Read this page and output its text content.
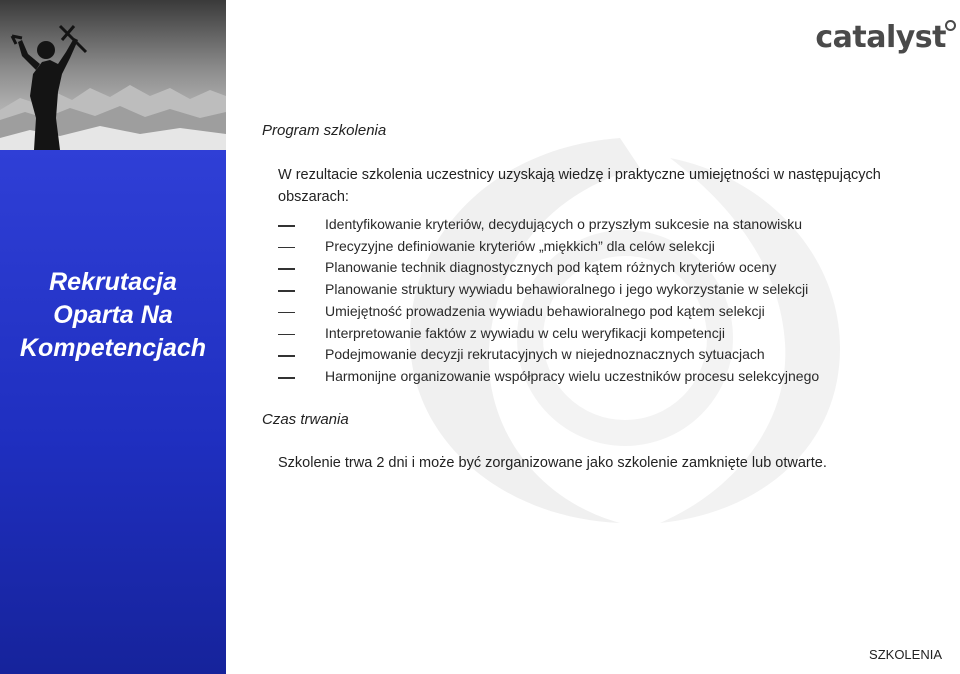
Rekrutacja
Oparta Na
Kompetencjach
catalyst
Program szkolenia
W rezultacie szkolenia uczestnicy uzyskają wiedzę i praktyczne umiejętności w następujących obszarach:
Identyfikowanie kryteriów, decydujących o przyszłym sukcesie na stanowisku
Precyzyjne definiowanie kryteriów „miękkich” dla celów selekcji
Planowanie technik diagnostycznych pod kątem różnych kryteriów oceny
Planowanie struktury wywiadu behawioralnego i jego wykorzystanie w selekcji
Umiejętność prowadzenia wywiadu behawioralnego pod kątem selekcji
Interpretowanie faktów z wywiadu w celu weryfikacji kompetencji
Podejmowanie decyzji rekrutacyjnych w niejednoznacznych sytuacjach
Harmonijne organizowanie współpracy wielu uczestników procesu selekcyjnego
Czas trwania
Szkolenie trwa 2 dni i może być zorganizowane jako szkolenie zamknięte lub otwarte.
SZKOLENIA
